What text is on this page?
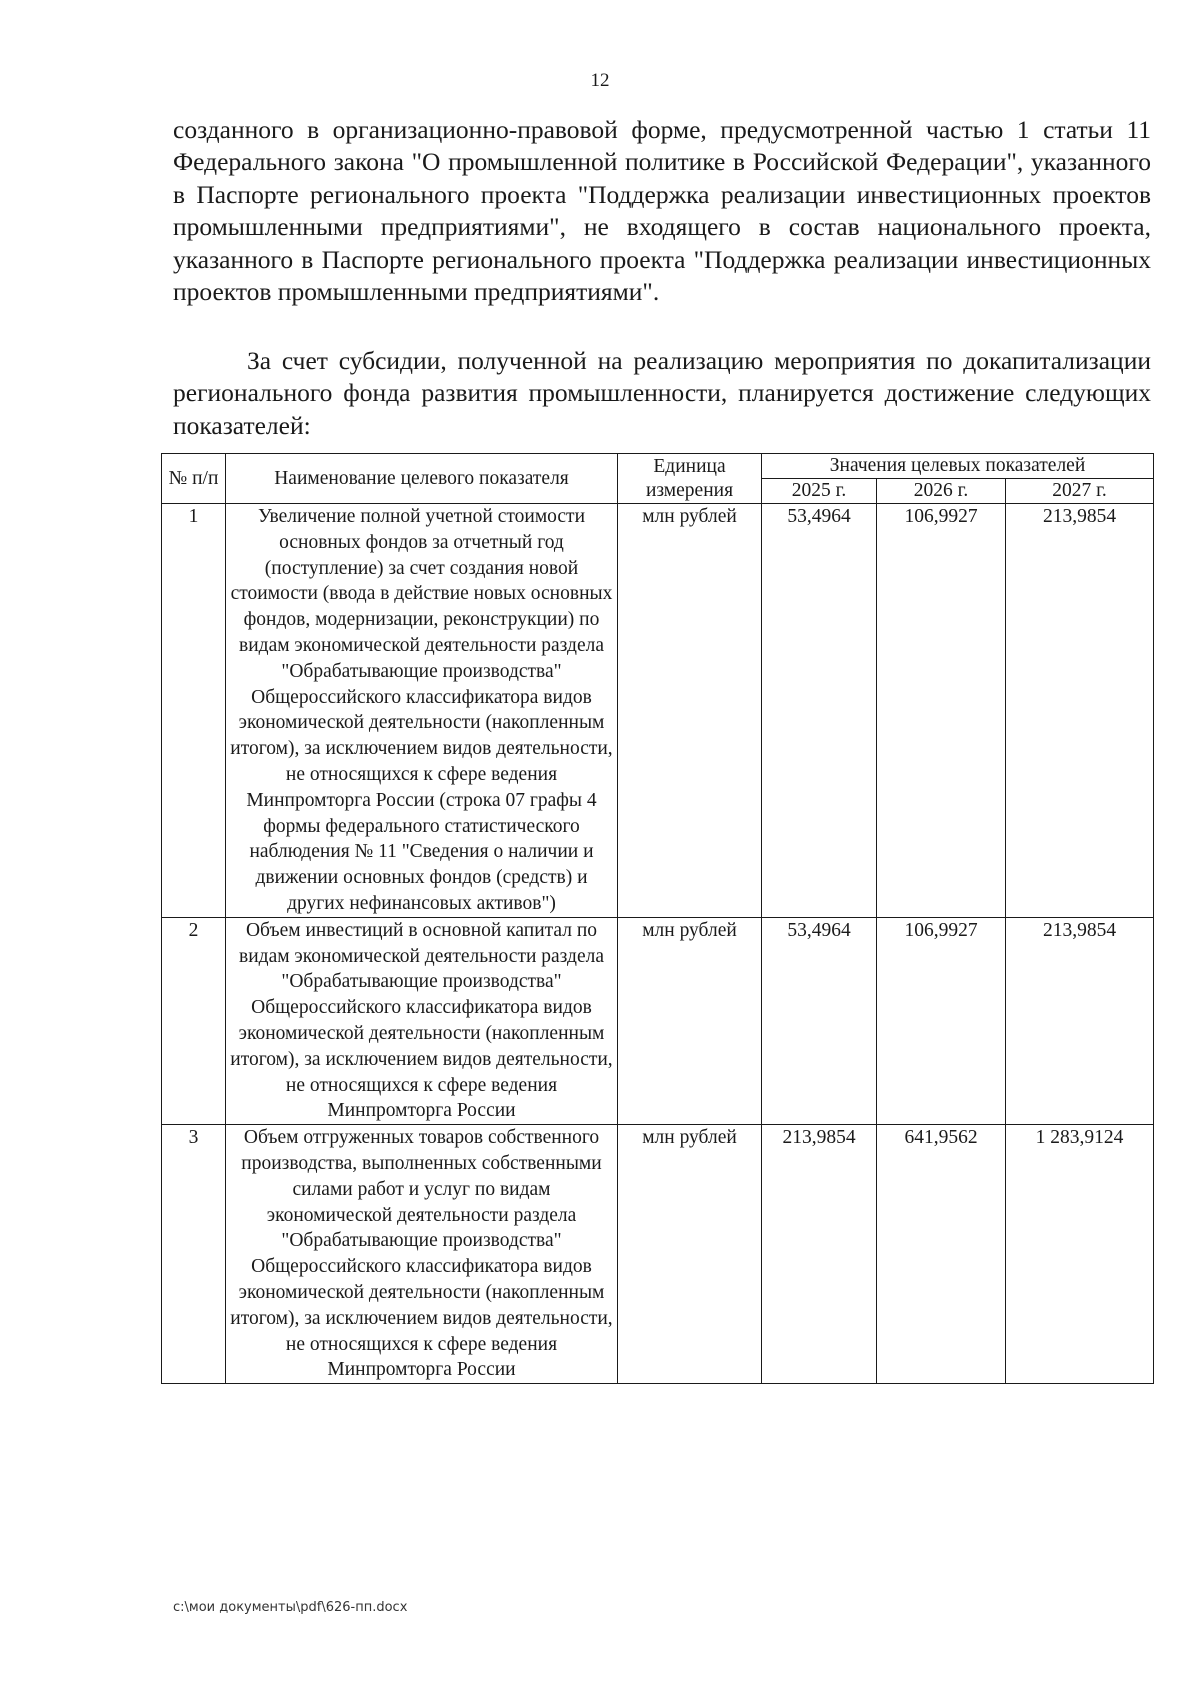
12

созданного в организационно-правовой форме, предусмотренной частью 1 статьи 11 Федерального закона "О промышленной политике в Российской Федерации", указанного в Паспорте регионального проекта "Поддержка реализации инвестиционных проектов промышленными предприятиями", не входящего в состав национального проекта, указанного в Паспорте регионального проекта "Поддержка реализации инвестиционных проектов промышленными предприятиями".

За счет субсидии, полученной на реализацию мероприятия по докапитализации регионального фонда развития промышленности, планируется достижение следующих показателей:

№ п/п	Наименование целевого показателя	Единица измерения	Значения целевых показателей		
			2025 г.	2026 г.	2027 г.
1	Увеличение полной учетной стоимости основных фондов за отчетный год (поступление) за счет создания новой стоимости (ввода в действие новых основных фондов, модернизации, реконструкции) по видам экономической деятельности раздела "Обрабатывающие производства" Общероссийского классификатора видов экономической деятельности (накопленным итогом), за исключением видов деятельности, не относящихся к сфере ведения Минпромторга России (строка 07 графы 4 формы федерального статистического наблюдения № 11 "Сведения о наличии и движении основных фондов (средств) и других нефинансовых активов")	млн рублей	53,4964	106,9927	213,9854
2	Объем инвестиций в основной капитал по видам экономической деятельности раздела "Обрабатывающие производства" Общероссийского классификатора видов экономической деятельности (накопленным итогом), за исключением видов деятельности, не относящихся к сфере ведения Минпромторга России	млн рублей	53,4964	106,9927	213,9854
3	Объем отгруженных товаров собственного производства, выполненных собственными силами работ и услуг по видам экономической деятельности раздела "Обрабатывающие производства" Общероссийского классификатора видов экономической деятельности (накопленным итогом), за исключением видов деятельности, не относящихся к сфере ведения Минпромторга России	млн рублей	213,9854	641,9562	1 283,9124
c:\мои документы\pdf\626-пп.docx
